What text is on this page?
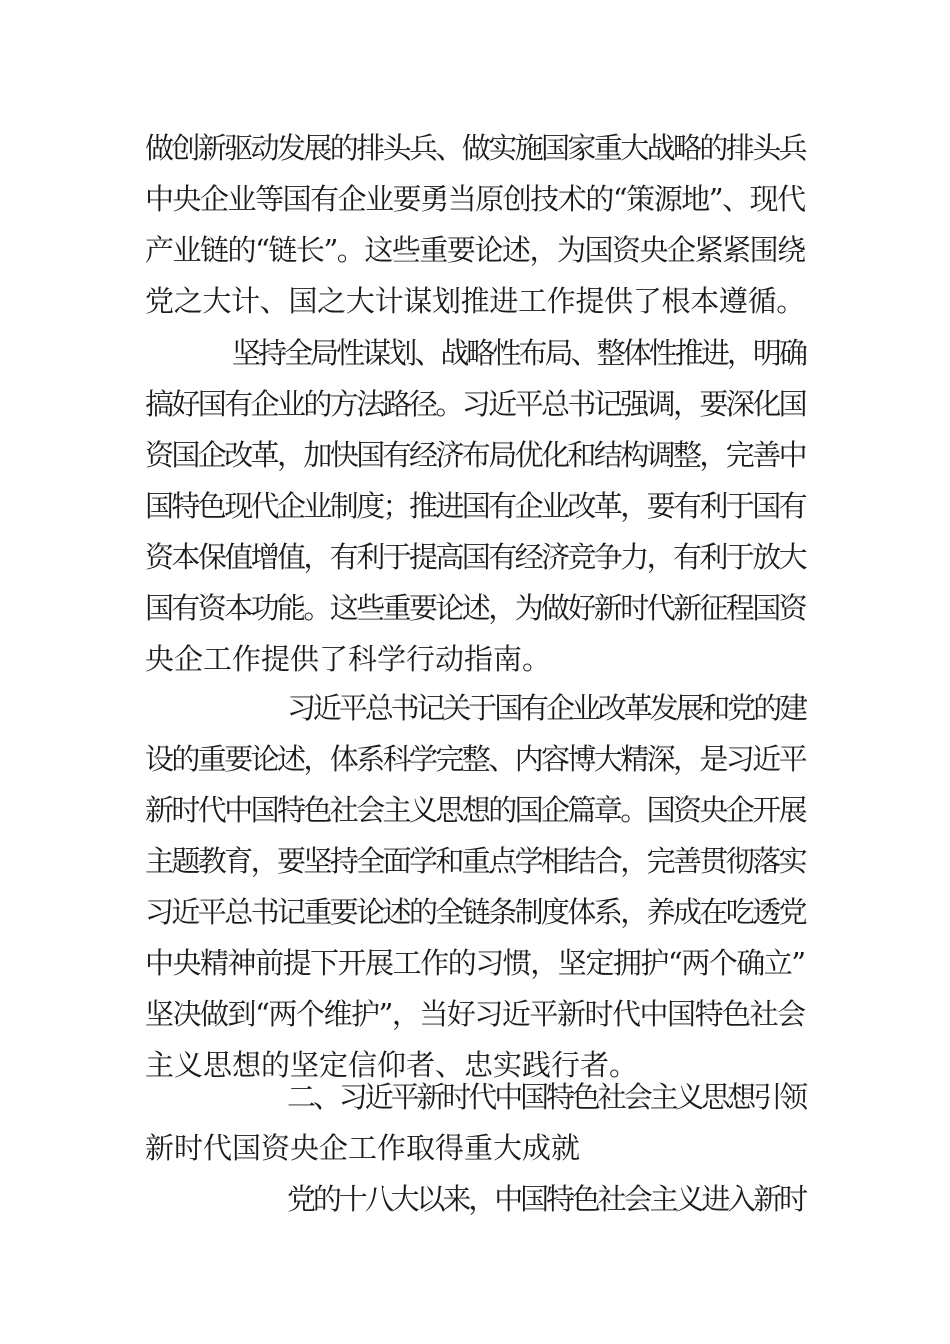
做创新驱动发展的排头兵、做实施国家重大战略的排头兵
中央企业等国有企业要勇当原创技术的“策源地”、现代
产业链的“链长”。这些重要论述，为国资央企紧紧围绕
党之大计、国之大计谋划推进工作提供了根本遵循。
坚持全局性谋划、战略性布局、整体性推进，明确
搞好国有企业的方法路径。习近平总书记强调，要深化国
资国企改革，加快国有经济布局优化和结构调整，完善中
国特色现代企业制度；推进国有企业改革，要有利于国有
资本保值增值，有利于提高国有经济竞争力，有利于放大
国有资本功能。这些重要论述，为做好新时代新征程国资
央企工作提供了科学行动指南。
习近平总书记关于国有企业改革发展和党的建
设的重要论述，体系科学完整、内容博大精深，是习近平
新时代中国特色社会主义思想的国企篇章。国资央企开展
主题教育，要坚持全面学和重点学相结合，完善贯彻落实
习近平总书记重要论述的全链条制度体系，养成在吃透党
中央精神前提下开展工作的习惯，坚定拥护“两个确立”
坚决做到“两个维护”，当好习近平新时代中国特色社会
主义思想的坚定信仰者、忠实践行者。
二、习近平新时代中国特色社会主义思想引领
新时代国资央企工作取得重大成就
党的十八大以来，中国特色社会主义进入新时
